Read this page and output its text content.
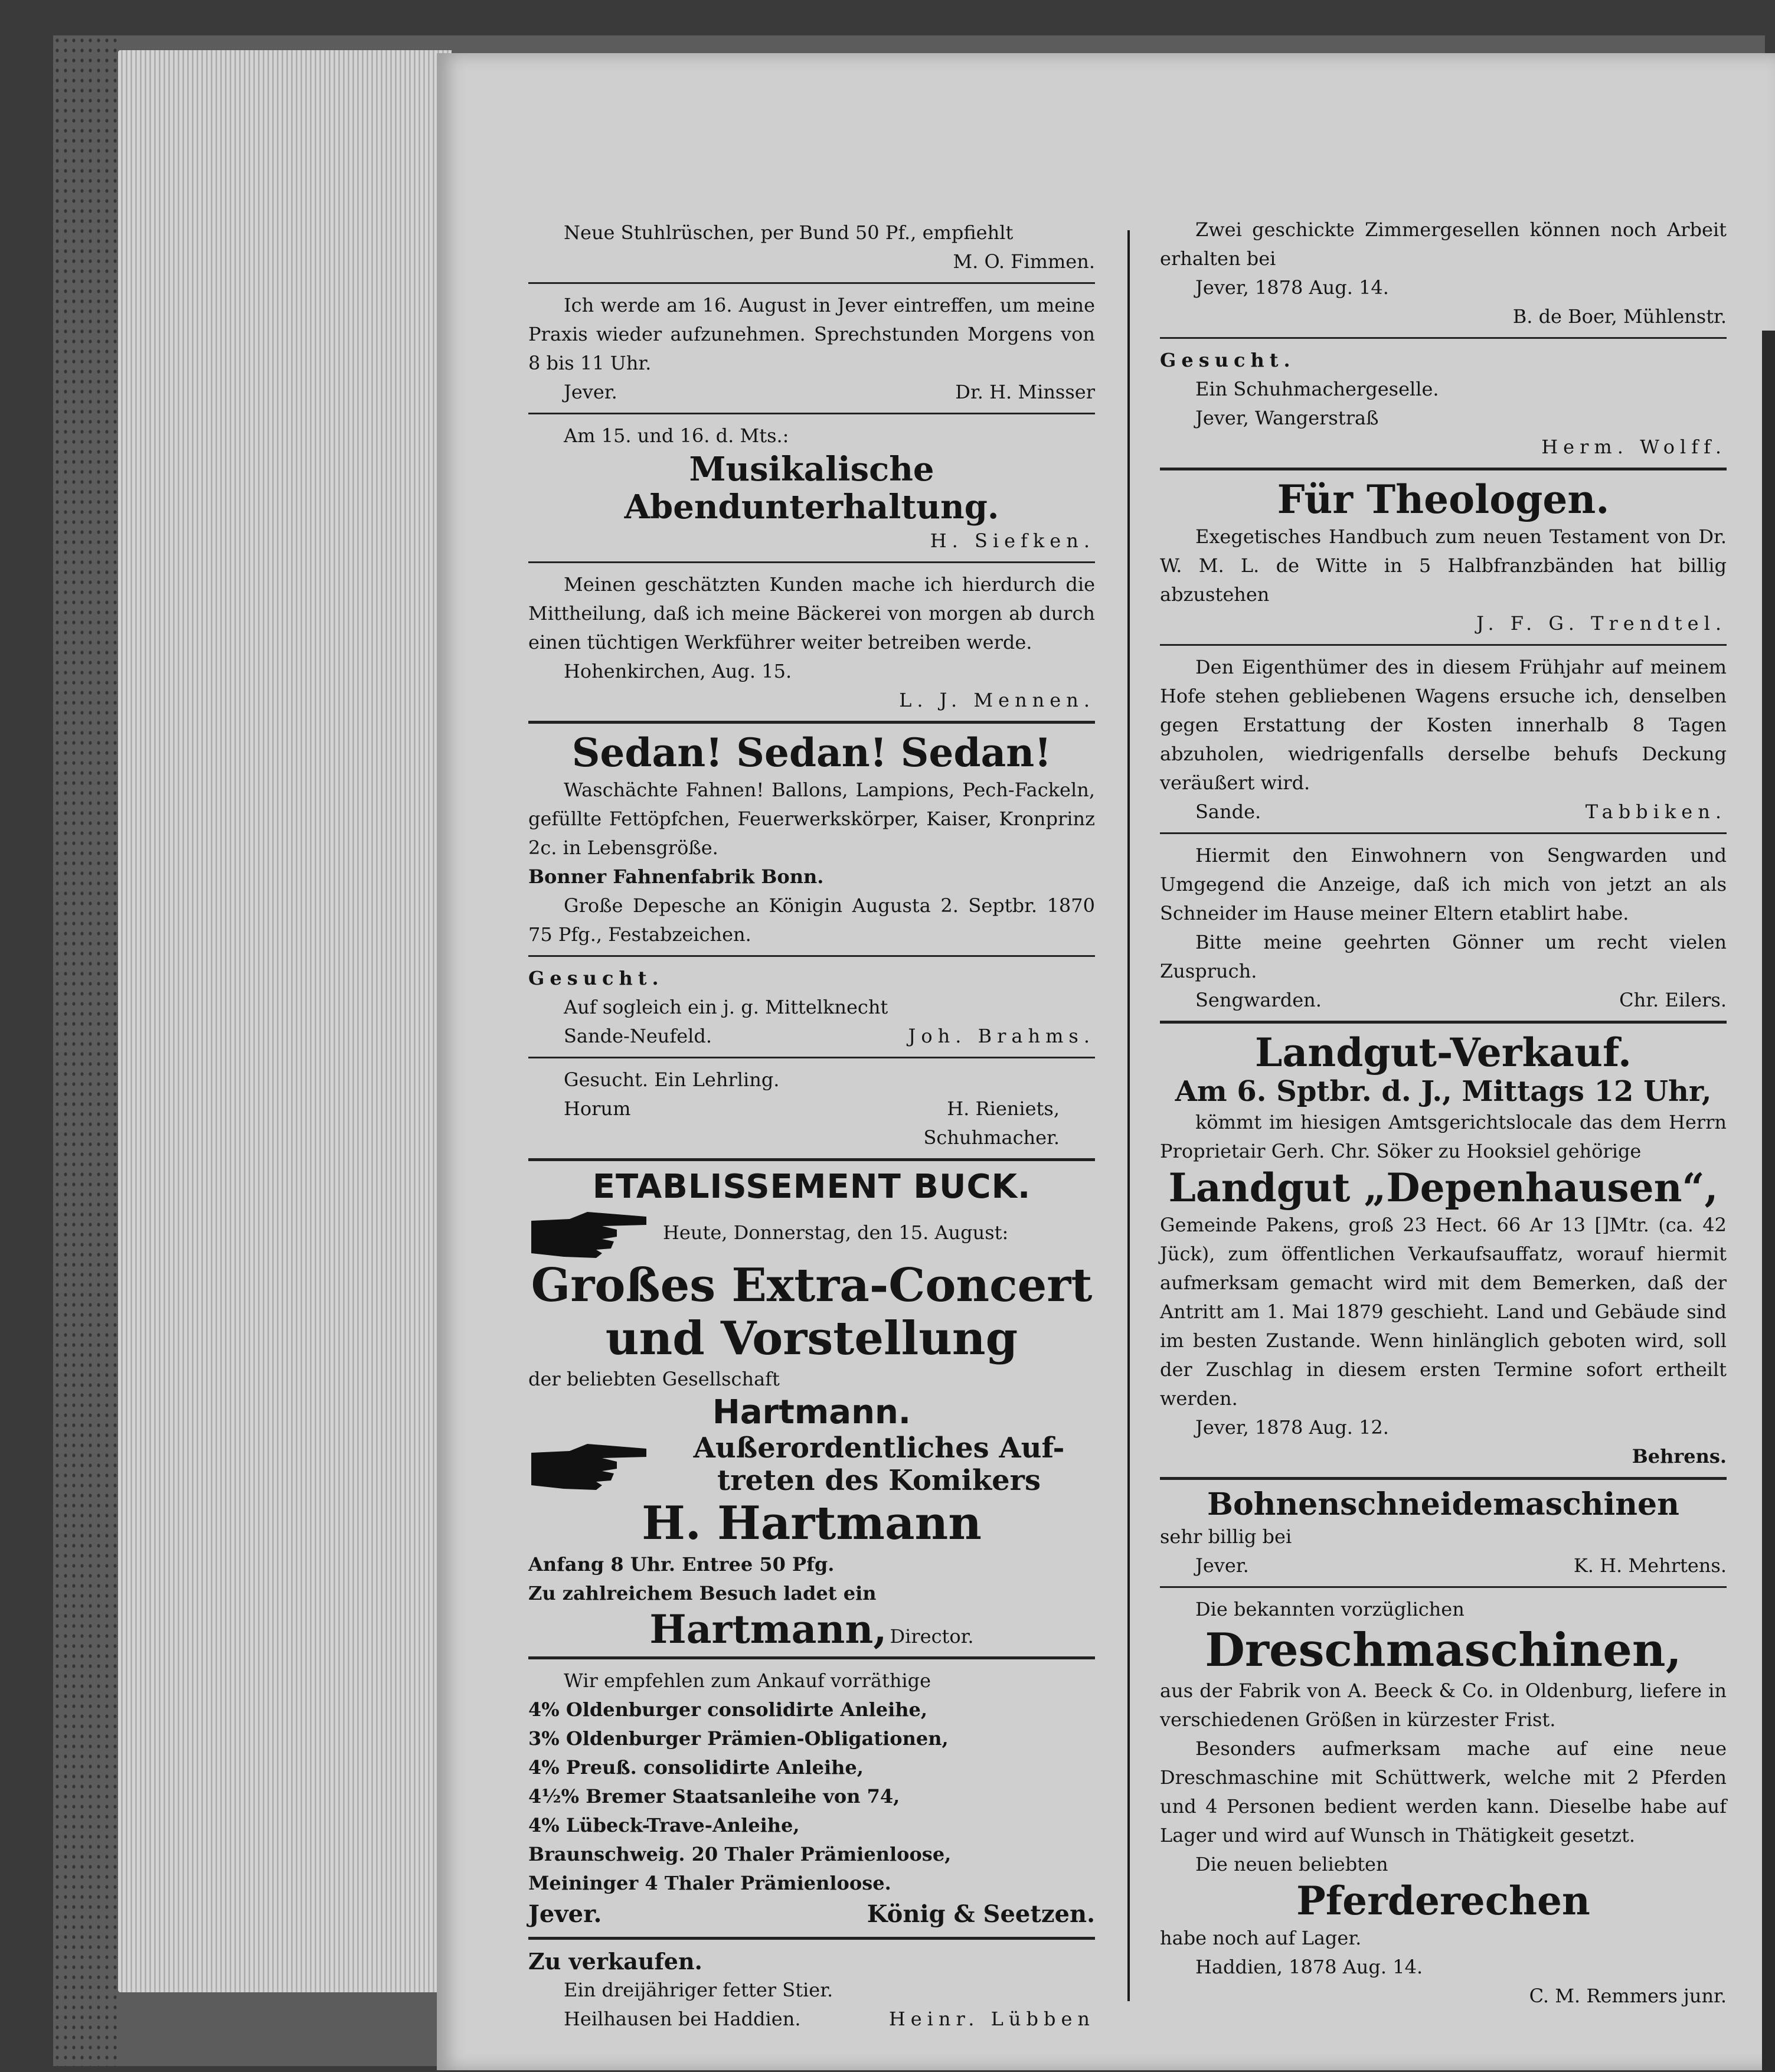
Neue Stuhlrüschen, per Bund 50 Pf., empfiehlt

M. O. Fimmen.

Ich werde am 16. August in Jever eintreffen, um meine Praxis wieder aufzunehmen. Sprechstunden Morgens von 8 bis 11 Uhr.

Jever.	Dr. H. Minsser

Am 15. und 16. d. Mts.:

Musikalische Abendunterhaltung.

H. Siefken.

Meinen geschätzten Kunden mache ich hierdurch die Mittheilung, daß ich meine Bäckerei von morgen ab durch einen tüchtigen Werkführer weiter betreiben werde.

Hohenkirchen, Aug. 15.

L. J. Mennen.

Sedan! Sedan! Sedan!

Waschächte Fahnen! Ballons, Lampions, Pech-Fackeln, gefüllte Fettöpfchen, Feuerwerkskörper, Kaiser, Kronprinz 2c. in Lebensgröße.

Bonner Fahnenfabrik Bonn.

Große Depesche an Königin Augusta 2. Septbr. 1870 75 Pfg., Festabzeichen.

Gesucht.

Auf sogleich ein j. g. Mittelknecht

Sande-Neufeld.	Joh. Brahms.

Gesucht. Ein Lehrling.

Horum	H. Rieniets,

Schuhmacher.

ETABLISSEMENT BUCK.

Heute, Donnerstag, den 15. August:

Großes Extra-Concert

und Vorstellung

der beliebten Gesellschaft

Hartmann.

Außerordentliches Auf-

treten des Komikers

H. Hartmann

Anfang 8 Uhr. Entree 50 Pfg.

Zu zahlreichem Besuch ladet ein

Hartmann, Director.

Wir empfehlen zum Ankauf vorräthige

4% Oldenburger consolidirte Anleihe,

3% Oldenburger Prämien-Obligationen,

4% Preuß. consolidirte Anleihe,

4½% Bremer Staatsanleihe von 74,

4% Lübeck-Trave-Anleihe,

Braunschweig. 20 Thaler Prämienloose,

Meininger 4 Thaler Prämienloose.

Jever.	König & Seetzen.

Zu verkaufen.

Ein dreijähriger fetter Stier.

Heilhausen bei Haddien.	Heinr. Lübben

Zwei geschickte Zimmergesellen können noch Arbeit erhalten bei

Jever, 1878 Aug. 14.

B. de Boer, Mühlenstr.

Gesucht.

Ein Schuhmachergeselle.

Jever, Wangerstraß

Herm. Wolff.

Für Theologen.

Exegetisches Handbuch zum neuen Testament von Dr. W. M. L. de Witte in 5 Halbfranzbänden hat billig abzustehen

J. F. G. Trendtel.

Den Eigenthümer des in diesem Frühjahr auf meinem Hofe stehen gebliebenen Wagens ersuche ich, denselben gegen Erstattung der Kosten innerhalb 8 Tagen abzuholen, wiedrigenfalls derselbe behufs Deckung veräußert wird.

Sande.	Tabbiken.

Hiermit den Einwohnern von Sengwarden und Umgegend die Anzeige, daß ich mich von jetzt an als Schneider im Hause meiner Eltern etablirt habe.

Bitte meine geehrten Gönner um recht vielen Zuspruch.

Sengwarden.	Chr. Eilers.

Landgut-Verkauf.

Am 6. Sptbr. d. J., Mittags 12 Uhr,

kömmt im hiesigen Amtsgerichtslocale das dem Herrn Proprietair Gerh. Chr. Söker zu Hooksiel gehörige

Landgut „Depenhausen“,

Gemeinde Pakens, groß 23 Hect. 66 Ar 13 []Mtr. (ca. 42 Jück), zum öffentlichen Verkaufsauffatz, worauf hiermit aufmerksam gemacht wird mit dem Bemerken, daß der Antritt am 1. Mai 1879 geschieht. Land und Gebäude sind im besten Zustande. Wenn hinlänglich geboten wird, soll der Zuschlag in diesem ersten Termine sofort ertheilt werden.

Jever, 1878 Aug. 12.

Behrens.

Bohnenschneidemaschinen

sehr billig bei

Jever.	K. H. Mehrtens.

Die bekannten vorzüglichen

Dreschmaschinen,

aus der Fabrik von A. Beeck & Co. in Oldenburg, liefere in verschiedenen Größen in kürzester Frist.

Besonders aufmerksam mache auf eine neue Dreschmaschine mit Schüttwerk, welche mit 2 Pferden und 4 Personen bedient werden kann. Dieselbe habe auf Lager und wird auf Wunsch in Thätigkeit gesetzt.

Die neuen beliebten

Pferderechen

habe noch auf Lager.

Haddien, 1878 Aug. 14.

C. M. Remmers junr.
